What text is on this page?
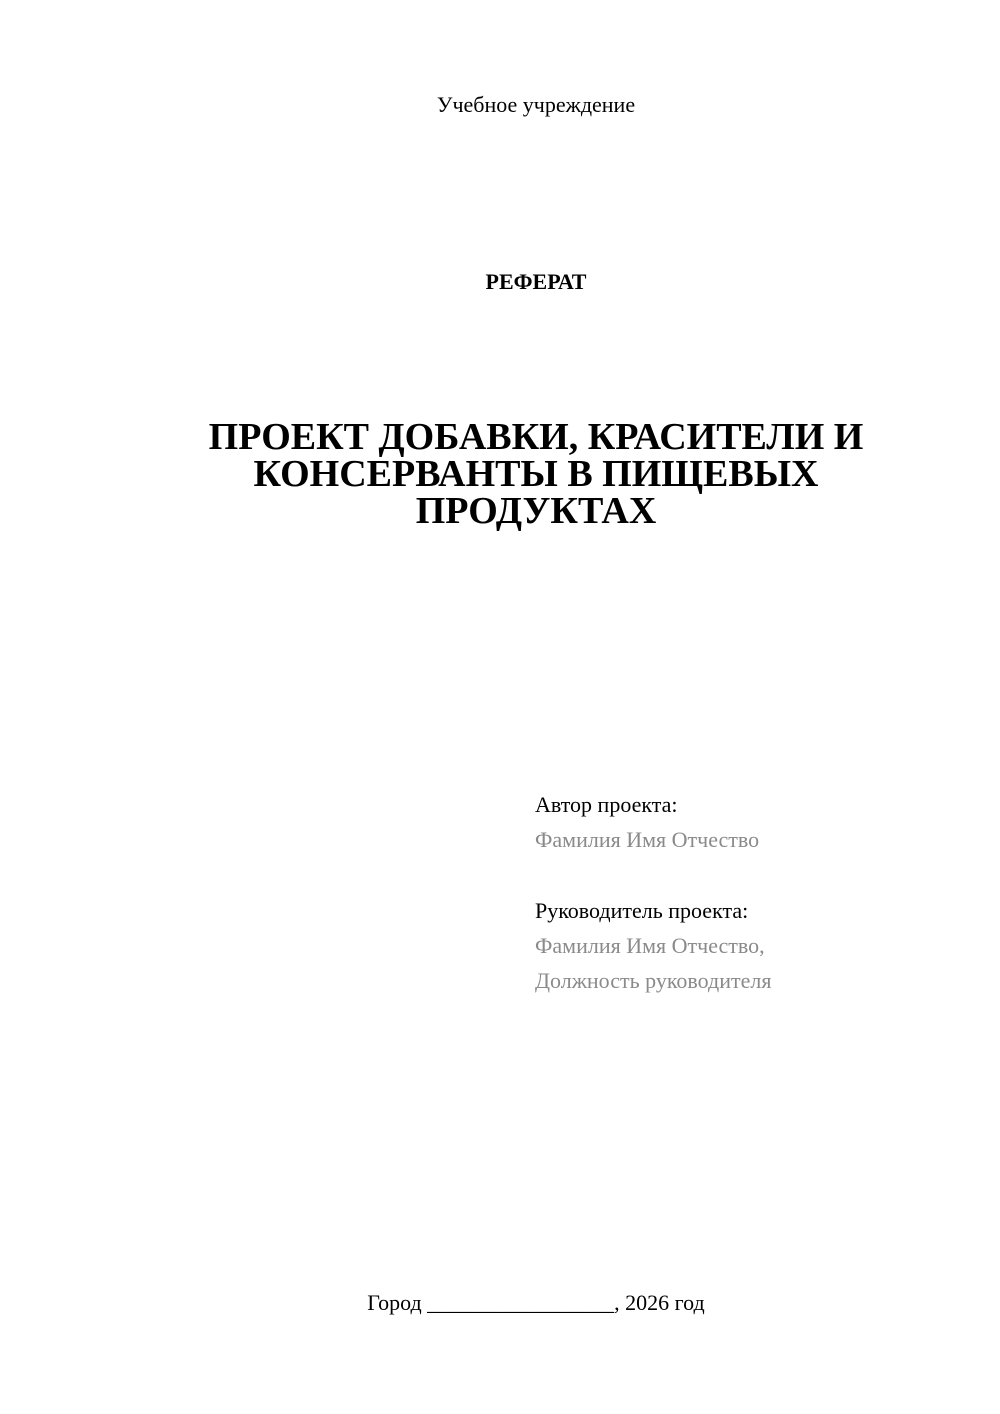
Учебное учреждение
РЕФЕРАТ
ПРОЕКТ ДОБАВКИ, КРАСИТЕЛИ И
КОНСЕРВАНТЫ В ПИЩЕВЫХ
ПРОДУКТАХ
Автор проекта:
Фамилия Имя Отчество
Руководитель проекта:
Фамилия Имя Отчество,
Должность руководителя
Город _________________, 2026 год
